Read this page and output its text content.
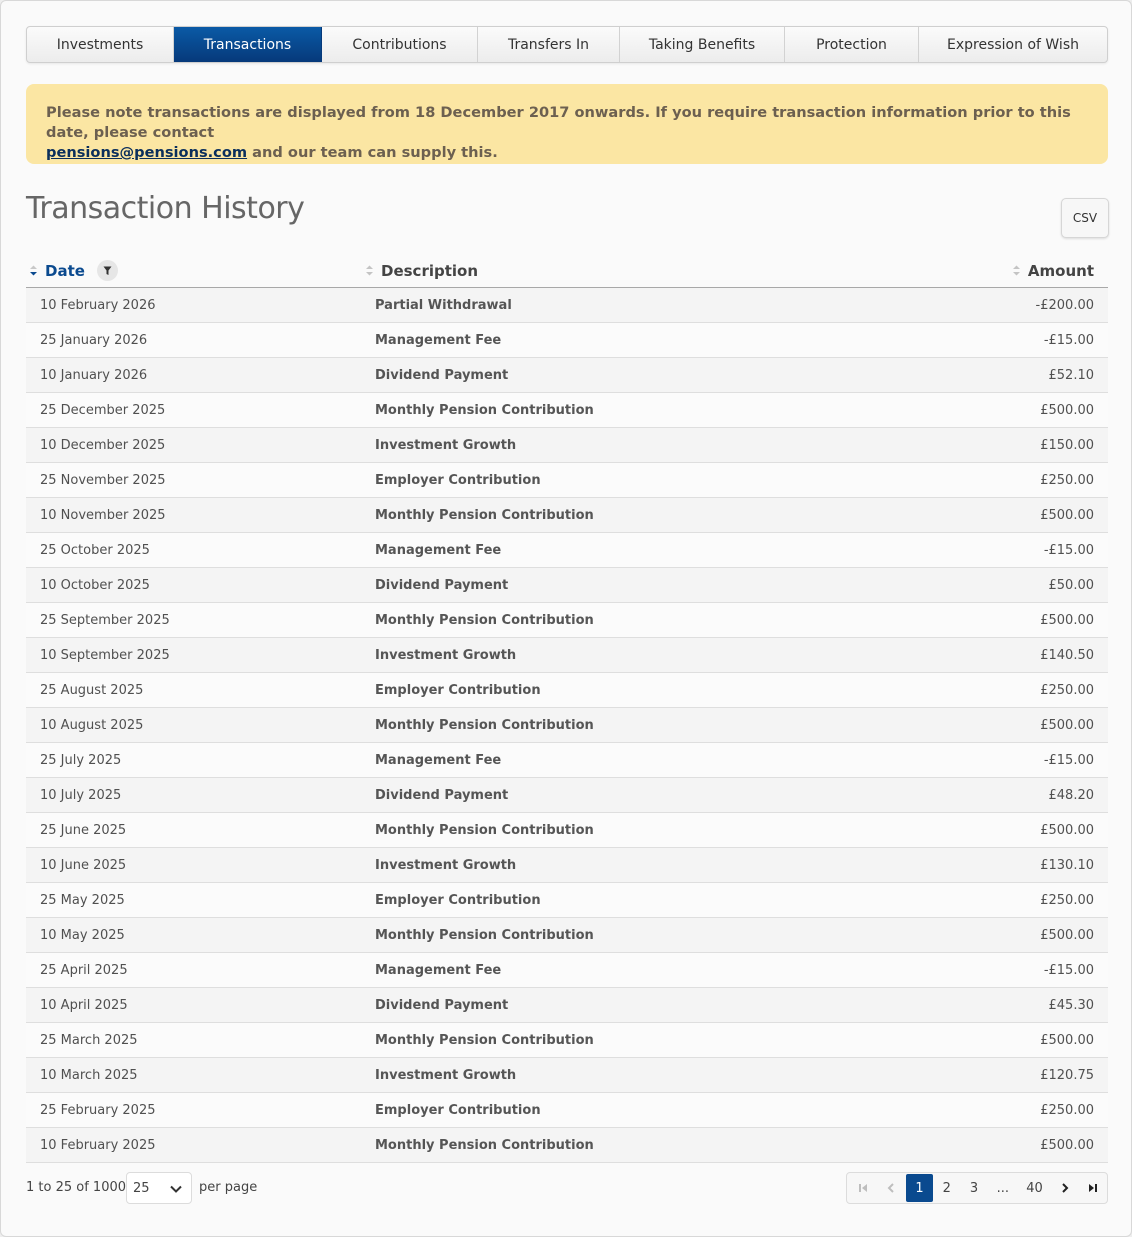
Investments	Transactions	Contributions	Transfers In	Taking Benefits	Protection	Expression of Wish
Please note transactions are displayed from 18 December 2017 onwards. If you require transaction information prior to this date, please contact
pensions@pensions.com and our team can supply this.
Transaction History	CSV
Date	Description	Amount
10 February 2026	Partial Withdrawal	-£200.00
25 January 2026	Management Fee	-£15.00
10 January 2026	Dividend Payment	£52.10
25 December 2025	Monthly Pension Contribution	£500.00
10 December 2025	Investment Growth	£150.00
25 November 2025	Employer Contribution	£250.00
10 November 2025	Monthly Pension Contribution	£500.00
25 October 2025	Management Fee	-£15.00
10 October 2025	Dividend Payment	£50.00
25 September 2025	Monthly Pension Contribution	£500.00
10 September 2025	Investment Growth	£140.50
25 August 2025	Employer Contribution	£250.00
10 August 2025	Monthly Pension Contribution	£500.00
25 July 2025	Management Fee	-£15.00
10 July 2025	Dividend Payment	£48.20
25 June 2025	Monthly Pension Contribution	£500.00
10 June 2025	Investment Growth	£130.10
25 May 2025	Employer Contribution	£250.00
10 May 2025	Monthly Pension Contribution	£500.00
25 April 2025	Management Fee	-£15.00
10 April 2025	Dividend Payment	£45.30
25 March 2025	Monthly Pension Contribution	£500.00
10 March 2025	Investment Growth	£120.75
25 February 2025	Employer Contribution	£250.00
10 February 2025	Monthly Pension Contribution	£500.00
1 to 25 of 1000 25	per page	1	2	3	...	40
